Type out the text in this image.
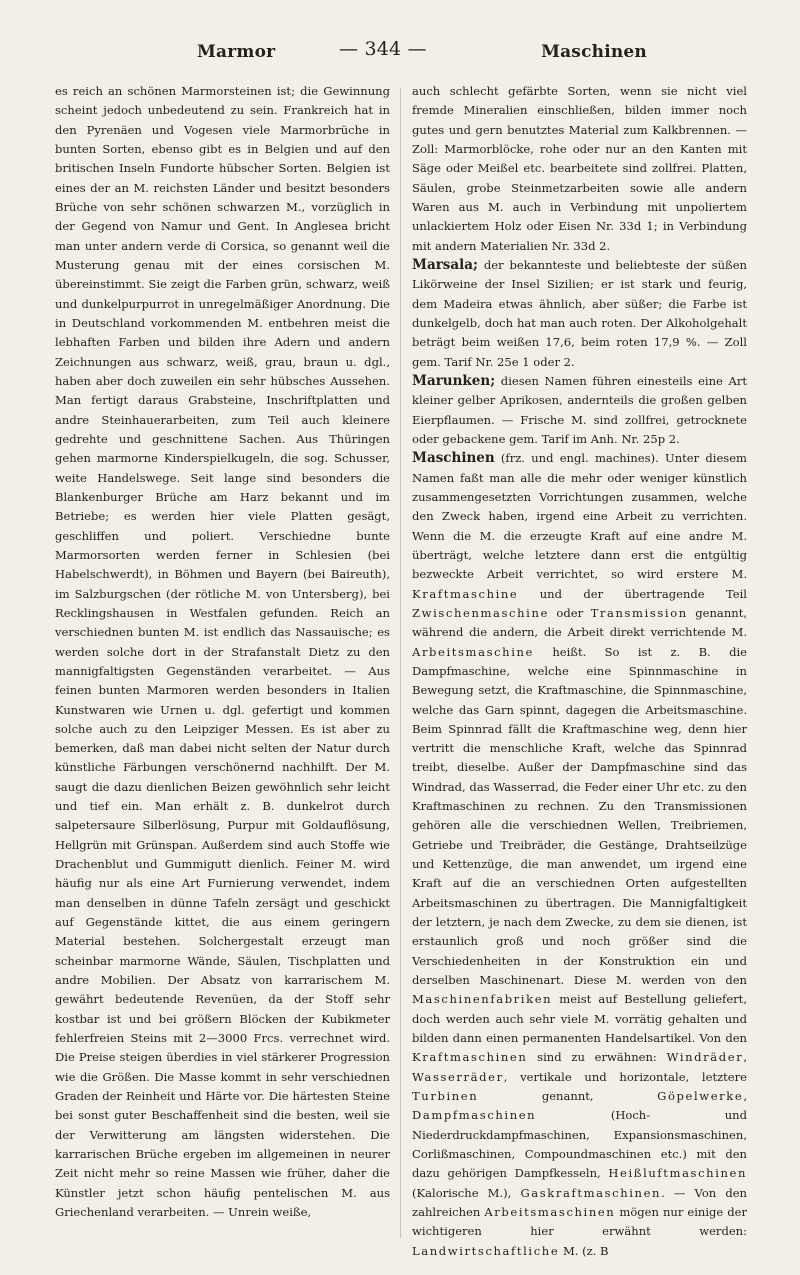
Marmor	— 344 —	Maschinen

es reich an schönen Marmorsteinen ist; die Gewinnung scheint jedoch unbedeutend zu sein. Frankreich hat in den Pyrenäen und Vogesen viele Marmorbrüche in bunten Sorten, ebenso gibt es in Belgien und auf den britischen Inseln Fundorte hübscher Sorten. Belgien ist eines der an M. reichsten Länder und besitzt besonders Brüche von sehr schönen schwarzen M., vorzüglich in der Gegend von Namur und Gent. In Anglesea bricht man unter andern verde di Corsica, so genannt weil die Musterung genau mit der eines corsischen M. übereinstimmt. Sie zeigt die Farben grün, schwarz, weiß und dunkelpurpurrot in unregelmäßiger Anordnung. Die in Deutschland vorkommenden M. entbehren meist die lebhaften Farben und bilden ihre Adern und andern Zeichnungen aus schwarz, weiß, grau, braun u. dgl., haben aber doch zuweilen ein sehr hübsches Aussehen. Man fertigt daraus Grabsteine, Inschriftplatten und andre Steinhauerarbeiten, zum Teil auch kleinere gedrehte und geschnittene Sachen. Aus Thüringen gehen marmorne Kinderspielkugeln, die sog. Schusser, weite Handelswege. Seit lange sind besonders die Blankenburger Brüche am Harz bekannt und im Betriebe; es werden hier viele Platten gesägt, geschliffen und poliert. Verschiedne bunte Marmorsorten werden ferner in Schlesien (bei Habelschwerdt), in Böhmen und Bayern (bei Baireuth), im Salzburgschen (der rötliche M. von Untersberg), bei Recklingshausen in Westfalen gefunden. Reich an verschiednen bunten M. ist endlich das Nassauische; es werden solche dort in der Strafanstalt Dietz zu den mannigfaltigsten Gegenständen verarbeitet. — Aus feinen bunten Marmoren werden besonders in Italien Kunstwaren wie Urnen u. dgl. gefertigt und kommen solche auch zu den Leipziger Messen. Es ist aber zu bemerken, daß man dabei nicht selten der Natur durch künstliche Färbungen verschönernd nachhilft. Der M. saugt die dazu dienlichen Beizen gewöhnlich sehr leicht und tief ein. Man erhält z. B. dunkelrot durch salpetersaure Silberlösung, Purpur mit Goldauflösung, Hellgrün mit Grünspan. Außerdem sind auch Stoffe wie Drachenblut und Gummigutt dienlich. Feiner M. wird häufig nur als eine Art Furnierung verwendet, indem man denselben in dünne Tafeln zersägt und geschickt auf Gegenstände kittet, die aus einem geringern Material bestehen. Solchergestalt erzeugt man scheinbar marmorne Wände, Säulen, Tischplatten und andre Mobilien. Der Absatz von karrarischem M. gewährt bedeutende Revenüen, da der Stoff sehr kostbar ist und bei größern Blöcken der Kubikmeter fehlerfreien Steins mit 2—3000 Frcs. verrechnet wird. Die Preise steigen überdies in viel stärkerer Progression wie die Größen. Die Masse kommt in sehr verschiednen Graden der Reinheit und Härte vor. Die härtesten Steine bei sonst guter Beschaffenheit sind die besten, weil sie der Verwitterung am längsten widerstehen. Die karrarischen Brüche ergeben im allgemeinen in neurer Zeit nicht mehr so reine Massen wie früher, daher die Künstler jetzt schon häufig pentelischen M. aus Griechenland verarbeiten. — Unrein weiße,

auch schlecht gefärbte Sorten, wenn sie nicht viel fremde Mineralien einschließen, bilden immer noch gutes und gern benutztes Material zum Kalkbrennen. — Zoll: Marmorblöcke, rohe oder nur an den Kanten mit Säge oder Meißel etc. bearbeitete sind zollfrei. Platten, Säulen, grobe Steinmetzarbeiten sowie alle andern Waren aus M. auch in Verbindung mit unpoliertem unlackiertem Holz oder Eisen Nr. 33d 1; in Verbindung mit andern Materialien Nr. 33d 2.

Marsala; der bekannteste und beliebteste der süßen Likörweine der Insel Sizilien; er ist stark und feurig, dem Madeira etwas ähnlich, aber süßer; die Farbe ist dunkelgelb, doch hat man auch roten. Der Alkoholgehalt beträgt beim weißen 17,6, beim roten 17,9 %. — Zoll gem. Tarif Nr. 25e 1 oder 2.

Marunken; diesen Namen führen einesteils eine Art kleiner gelber Aprikosen, andernteils die großen gelben Eierpflaumen. — Frische M. sind zollfrei, getrocknete oder gebackene gem. Tarif im Anh. Nr. 25p 2.

Maschinen (frz. und engl. machines). Unter diesem Namen faßt man alle die mehr oder weniger künstlich zusammengesetzten Vorrichtungen zusammen, welche den Zweck haben, irgend eine Arbeit zu verrichten. Wenn die M. die erzeugte Kraft auf eine andre M. überträgt, welche letztere dann erst die entgültig bezweckte Arbeit verrichtet, so wird erstere M. Kraftmaschine und der übertragende Teil Zwischenmaschine oder Transmission genannt, während die andern, die Arbeit direkt verrichtende M. Arbeitsmaschine heißt. So ist z. B. die Dampfmaschine, welche eine Spinnmaschine in Bewegung setzt, die Kraftmaschine, die Spinnmaschine, welche das Garn spinnt, dagegen die Arbeitsmaschine. Beim Spinnrad fällt die Kraftmaschine weg, denn hier vertritt die menschliche Kraft, welche das Spinnrad treibt, dieselbe. Außer der Dampfmaschine sind das Windrad, das Wasserrad, die Feder einer Uhr etc. zu den Kraftmaschinen zu rechnen. Zu den Transmissionen gehören alle die verschiednen Wellen, Treibriemen, Getriebe und Treibräder, die Gestänge, Drahtseilzüge und Kettenzüge, die man anwendet, um irgend eine Kraft auf die an verschiednen Orten aufgestellten Arbeitsmaschinen zu übertragen. Die Mannigfaltigkeit der letztern, je nach dem Zwecke, zu dem sie dienen, ist erstaunlich groß und noch größer sind die Verschiedenheiten in der Konstruktion ein und derselben Maschinenart. Diese M. werden von den Maschinenfabriken meist auf Bestellung geliefert, doch werden auch sehr viele M. vorrätig gehalten und bilden dann einen permanenten Handelsartikel. Von den Kraftmaschinen sind zu erwähnen: Windräder, Wasserräder, vertikale und horizontale, letztere Turbinen genannt, Göpelwerke, Dampfmaschinen (Hoch- und Niederdruckdampfmaschinen, Expansionsmaschinen, Corlißmaschinen, Compoundmaschinen etc.) mit den dazu gehörigen Dampfkesseln, Heißluftmaschinen (Kalorische M.), Gaskraftmaschinen. — Von den zahlreichen Arbeitsmaschinen mögen nur einige der wichtigeren hier erwähnt werden: Landwirtschaftliche M. (z. B
